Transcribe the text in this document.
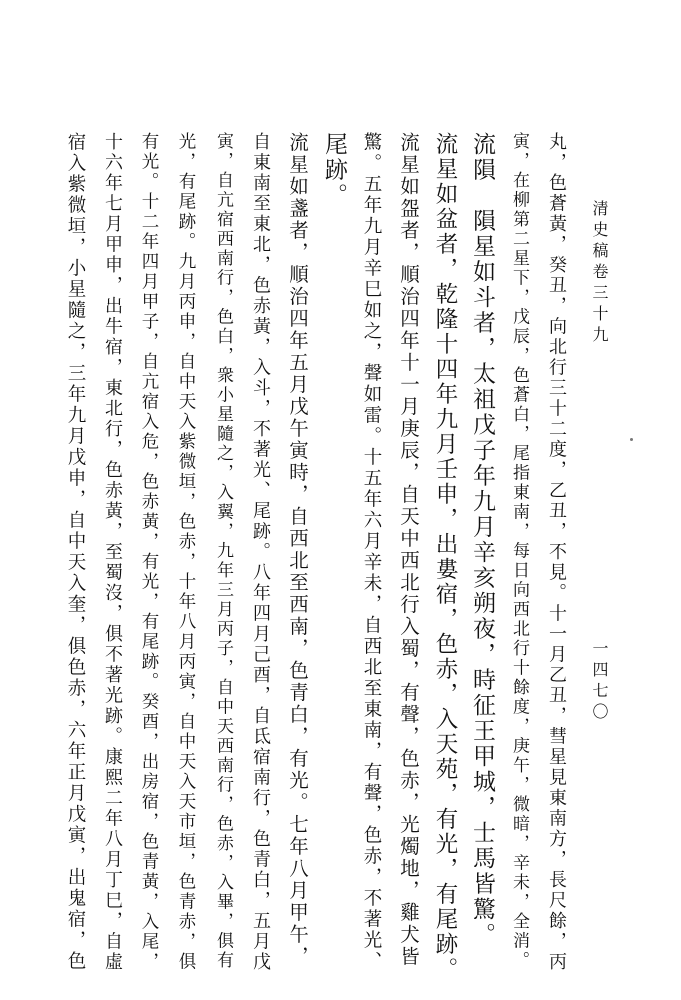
清史稿卷三十九
一四七〇
丸，色蒼黃，癸丑，向北行三十二度，乙丑，不見。十一月乙丑，彗星見東南方，長尺餘，丙
寅，在柳第二星下，戊辰，色蒼白，尾指東南，每日向西北行十餘度，庚午，微暗，辛未，全消。
流隕　隕星如斗者，太祖戊子年九月辛亥朔夜，時征王甲城，士馬皆驚。
流星如盆者，乾隆十四年九月壬申，出婁宿，色赤，入天苑，有光，有尾跡。
流星如盌者，順治四年十一月庚辰，自天中西北行入蜀，有聲，色赤，光燭地，雞犬皆
驚。五年九月辛巳如之，聲如雷。十五年六月辛未，自西北至東南，有聲，色赤，不著光、
尾跡。
流星如盞者，順治四年五月戊午寅時，自西北至西南，色青白，有光。七年八月甲午，
自東南至東北，色赤黃，入斗，不著光、尾跡。八年四月己酉，自氐宿南行，色青白，五月戊
寅，自亢宿西南行，色白，衆小星隨之，入翼，九年三月丙子，自中天西南行，色赤，入畢，俱有
光，有尾跡。九月丙申，自中天入紫微垣，色赤，十年八月丙寅，自中天入天市垣，色青赤，俱
有光。十二年四月甲子，自亢宿入危，色赤黃，有光，有尾跡。癸酉，出房宿，色青黃，入尾，
十六年七月甲申，出牛宿，東北行，色赤黃，至蜀沒，俱不著光跡。康熙二年八月丁巳，自虛
宿入紫微垣，小星隨之，三年九月戊申，自中天入奎，俱色赤，六年正月戊寅，出鬼宿，色
